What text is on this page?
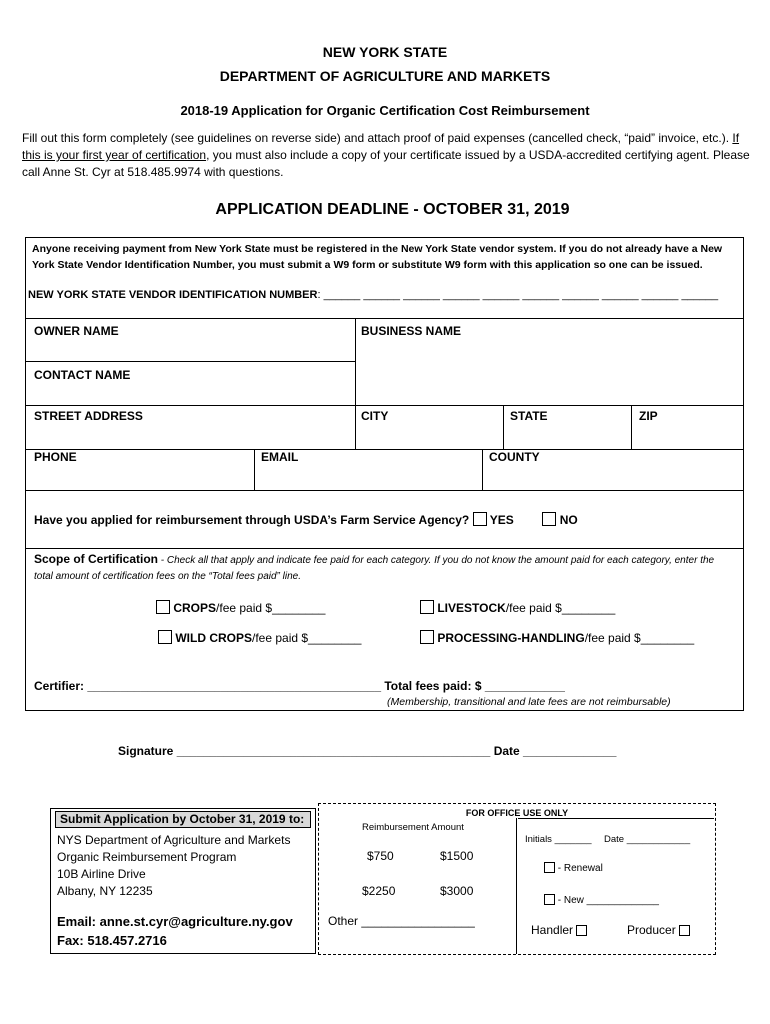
NEW YORK STATE
DEPARTMENT OF AGRICULTURE AND MARKETS
2018-19 Application for Organic Certification Cost Reimbursement
Fill out this form completely (see guidelines on reverse side) and attach proof of paid expenses (cancelled check, “paid” invoice, etc.). If this is your first year of certification, you must also include a copy of your certificate issued by a USDA-accredited certifying agent. Please call Anne St. Cyr at 518.485.9974 with questions.
APPLICATION DEADLINE - OCTOBER 31, 2019
Anyone receiving payment from New York State must be registered in the New York State vendor system. If you do not already have a New York State Vendor Identification Number, you must submit a W9 form or substitute W9 form with this application so one can be issued.
NEW YORK STATE VENDOR IDENTIFICATION NUMBER: ______ ______ ______ ______ ______ ______ ______ ______ ______ ______
OWNER NAME	BUSINESS NAME
CONTACT NAME
STREET ADDRESS	CITY	STATE	ZIP
PHONE	EMAIL	COUNTY
Have you applied for reimbursement through USDA’s Farm Service Agency? YES	NO
Scope of Certification - Check all that apply and indicate fee paid for each category. If you do not know the amount paid for each category, enter the total amount of certification fees on the “Total fees paid” line.
CROPS/fee paid $________	LIVESTOCK/fee paid $________
WILD CROPS/fee paid $________	PROCESSING-HANDLING/fee paid $________
Certifier: ____________________________________________ Total fees paid: $ ____________
(Membership, transitional and late fees are not reimbursable)
Signature _______________________________________________ Date ______________
Submit Application by October 31, 2019 to:
NYS Department of Agriculture and Markets
Organic Reimbursement Program
10B Airline Drive
Albany, NY 12235
Email: anne.st.cyr@agriculture.ny.gov
Fax: 518.457.2716
FOR OFFICE USE ONLY
Reimbursement Amount
$750	$1500
$2250	$3000
Other _________________
Initials _______ Date ____________
- Renewal
- New _____________
Handler	Producer
